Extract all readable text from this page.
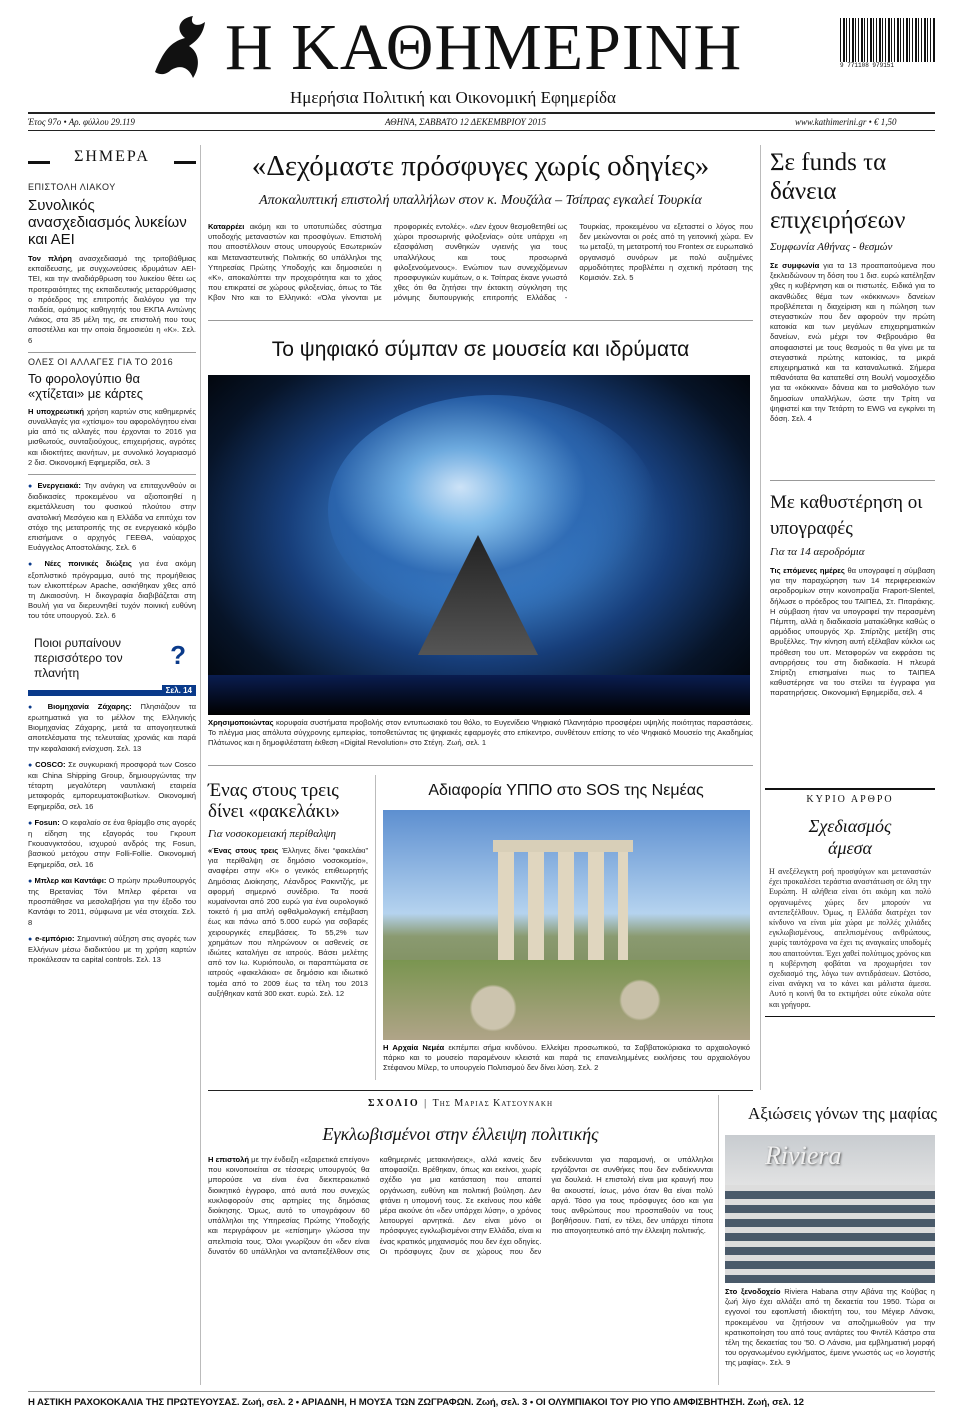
Η ΚΑΘΗΜΕΡΙΝΗ
Ημερήσια Πολιτική και Οικονομική Εφημερίδα
9 771108 979151
Έτος 97ο • Αρ. φύλλου 29.119	ΑΘΗΝΑ, ΣΑΒΒΑΤΟ 12 ΔΕΚΕΜΒΡΙΟΥ 2015	www.kathimerini.gr • € 1,50
ΣΗΜΕΡΑ
ΕΠΙΣΤΟΛΗ ΛΙΑΚΟΥ
Συνολικός ανασχεδιασμός λυκείων και ΑΕΙ

Τον πλήρη ανασχεδιασμό της τριτοβάθμιας εκπαίδευσης, με συγχωνεύσεις ιδρυμάτων ΑΕΙ-ΤΕΙ, και την αναδιάρθρωση του λυκείου θέτει ως προτεραιότητες της εκπαιδευτικής μεταρρύθμισης ο πρόεδρος της επιτροπής διαλόγου για την παιδεία, ομότιμος καθηγητής του ΕΚΠΑ Αντώνης Λιάκος, στα 35 μέλη της, σε επιστολή που τους αποστέλλει και την οποία δημοσιεύει η «Κ». Σελ. 6

ΟΛΕΣ ΟΙ ΑΛΛΑΓΕΣ ΓΙΑ ΤΟ 2016
Το φορολογύπιο θα «χτίζεται» με κάρτες

Η υποχρεωτική χρήση καρτών στις καθημερινές συναλλαγές για «χτίσιμο» του αφορολόγητου είναι μία από τις αλλαγές που έρχονται το 2016 για μισθωτούς, συνταξιούχους, επιχειρήσεις, αγρότες και ιδιοκτήτες ακινήτων, με συνολικό λογαριασμό 2 δισ. Οικονομική Εφημερίδα, σελ. 3

● Ενεργειακά: Την ανάγκη να επιταχυνθούν οι διαδικασίες προκειμένου να αξιοποιηθεί η εκμετάλλευση του φυσικού πλούτου στην ανατολική Μεσόγειο και η Ελλάδα να επιτύχει τον στόχο της μετατροπής της σε ενεργειακό κόμβο επισήμανε ο αρχηγός ΓΕΕΘΑ, ναύαρχος Ευάγγελος Αποστολάκης. Σελ. 6

● Νέες ποινικές διώξεις για ένα ακόμη εξοπλιστικό πρόγραμμα, αυτό της προμήθειας των ελικοπτέρων Apache, ασκήθηκαν χθες από τη Δικαιοσύνη. Η δικογραφία διαβιβάζεται στη Βουλή για να διερευνηθεί τυχόν ποινική ευθύνη του τότε υπουργού. Σελ. 6

Ποιοι ρυπαίνουν περισσότερο τον πλανήτη
?
Σελ. 14

● Βιομηχανία Ζάχαρης: Πλησιάζουν τα ερωτηματικά για το μέλλον της Ελληνικής Βιομηχανίας Ζάχαρης, μετά τα απογοητευτικά αποτελέσματα της τελευταίας χρονιάς και παρά την κεφαλαιακή ενίσχυση. Σελ. 13

● COSCO: Σε συγκυριακή προσφορά των Cosco και China Shipping Group, δημιουργώντας την τέταρτη μεγαλύτερη ναυτιλιακή εταιρεία μεταφοράς εμπορευματοκιβωτίων. Οικονομική Εφημερίδα, σελ. 16

● Fosun: Ο κεφαλαίο σε ένα θρίαμβο στις αγορές η είδηση της εξαγοράς του Γκρουπ Γκουανγκτσόου, ισχυρού ανδρός της Fosun, βασικού μετόχου στην Folli-Follie. Οικονομική Εφημερίδα, σελ. 16

● Μπλερ και Καντάφι: Ο πρώην πρωθυπουργός της Βρετανίας Τόνι Μπλερ φέρεται να προσπάθησε να μεσολαβήσει για την έξοδο του Καντάφι το 2011, σύμφωνα με νέα στοιχεία. Σελ. 8

● e-εμπόριο: Σημαντική αύξηση στις αγορές των Ελλήνων μέσω διαδικτύου με τη χρήση καρτών προκάλεσαν τα capital controls. Σελ. 13

«Δεχόμαστε πρόσφυγες χωρίς οδηγίες»
Αποκαλυπτική επιστολή υπαλλήλων στον κ. Μουζάλα – Τσίπρας εγκαλεί Τουρκία

Καταρρέει ακόμη και το υποτυπώδες σύστημα υποδοχής μεταναστών και προσφύγων. Επιστολή που αποστέλλουν στους υπουργούς Εσωτερικών και Μεταναστευτικής Πολιτικής 60 υπάλληλοι της Υπηρεσίας Πρώτης Υποδοχής και δημοσιεύει η «Κ», αποκαλύπτει την προχειρότητα και το χάος που επικρατεί σε χώρους φιλοξενίας, όπως το Τάε Κβον Ντο και το Ελληνικό: «Όλα γίνονται με προφορικές εντολές». «Δεν έχουν θεσμοθετηθεί ως χώροι προσωρινής φιλοξενίας» ούτε υπάρχει «η εξασφάλιση συνθηκών υγιεινής για τους υπαλλήλους και τους προσωρινά φιλοξενούμενους». Ενώπιον των συνεχιζόμενων προσφυγικών κυμάτων, ο κ. Τσίπρας έκανε γνωστό χθες ότι θα ζητήσει την έκτακτη σύγκληση της μόνιμης διυπουργικής επιτροπής Ελλάδας - Τουρκίας, προκειμένου να εξεταστεί ο λόγος που δεν μειώνονται οι ροές από τη γειτονική χώρα. Εν τω μεταξύ, τη μετατροπή του Frontex σε ευρωπαϊκό οργανισμό συνόρων με πολύ αυξημένες αρμοδιότητες προβλέπει η σχετική πρόταση της Κομισιόν. Σελ. 5

Το ψηφιακό σύμπαν σε μουσεία και ιδρύματα

Χρησιμοποιώντας κορυφαία συστήματα προβολής στον εντυπωσιακό του θόλο, το Ευγενίδειο Ψηφιακό Πλανητάριο προσφέρει υψηλής ποιότητας παραστάσεις. Το πλέγμα μιας απόλυτα σύγχρονης εμπειρίας, τοποθετώντας τις ψηφιακές εφαρμογές στο επίκεντρο, συνθέτουν επίσης το νέο Ψηφιακό Μουσείο της Ακαδημίας Πλάτωνος και η δημοφιλέστατη έκθεση «Digital Revolution» στο Στέγη. Ζωή, σελ. 1

Ένας στους τρεις δίνει «φακελάκι»
Για νοσοκομειακή περίθαλψη

«Ένας στους τρεις Έλληνες δίνει “φακελάκι” για περίθαλψη σε δημόσιο νοσοκομείο», αναφέρει στην «Κ» ο γενικός επιθεωρητής Δημόσιας Διοίκησης, Λέανδρος Ρακιντζής, με αφορμή σημερινό συνέδριο. Τα ποσά κυμαίνονται από 200 ευρώ για ένα ουρολογικό τοκετό ή μια απλή οφθαλμολογική επέμβαση έως και πάνω από 5.000 ευρώ για σοβαρές χειρουργικές επεμβάσεις. Το 55,2% των χρημάτων που πληρώνουν οι ασθενείς σε ιδιώτες καταλήγει σε ιατρούς. Βάσει μελέτης από τον Ιω. Κυριόπουλο, οι παραπτώματα σε ιατρούς «φακελάκια» σε δημόσιο και ιδιωτικό τομέα από το 2009 έως τα τέλη του 2013 αυξήθηκαν κατά 300 εκατ. ευρώ. Σελ. 12

Αδιαφορία ΥΠΠΟ στο SOS της Νεμέας

Η Αρχαία Νεμέα εκπέμπει σήμα κινδύνου. Ελλείψει προσωπικού, τα Σαββατοκύριακα το αρχαιολογικό πάρκο και το μουσείο παραμένουν κλειστά και παρά τις επανειλημμένες εκκλήσεις του αρχαιολόγου Στέφανου Μίλερ, το υπουργείο Πολιτισμού δεν δίνει λύση. Σελ. 2

ΣΧΟΛΙΟ | Της Μαριας Κατσουνακη
Εγκλωβισμένοι στην έλλειψη πολιτικής

Η επιστολή με την ένδειξη «εξαιρετικά επείγον» που κοινοποιείται σε τέσσερις υπουργούς θα μπορούσε να είναι ένα διεκπεραιωτικό διοικητικό έγγραφο, από αυτά που συνεχώς κυκλοφορούν στις αρτηρίες της δημόσιας διοίκησης. Όμως, αυτό το υπογράφουν 60 υπάλληλοι της Υπηρεσίας Πρώτης Υποδοχής και περιγράφουν με «επίσημη» γλώσσα την απελπισία τους. Όλοι γνωρίζουν ότι «δεν είναι δυνατόν 60 υπάλληλοι να ανταπεξέλθουν στις καθημερινές μετακινήσεις», αλλά κανείς δεν αποφασίζει. Βρέθηκαν, όπως και εκείνοι, χωρίς σχέδιο για μια κατάσταση που απαιτεί οργάνωση, ευθύνη και πολιτική βούληση. Δεν φτάνει η υπομονή τους. Σε εκείνους που κάθε μέρα ακούνε ότι «δεν υπάρχει λύση», ο χρόνος λειτουργεί αρνητικά. Δεν είναι μόνο οι πρόσφυγες εγκλωβισμένοι στην Ελλάδα, είναι κι ένας κρατικός μηχανισμός που δεν έχει οδηγίες. Οι πρόσφυγες ζουν σε χώρους που δεν ενδείκνυνται για παραμονή, οι υπάλληλοι εργάζονται σε συνθήκες που δεν ενδείκνυνται για δουλειά. Η επιστολή είναι μια κραυγή που θα ακουστεί, ίσως, μόνο όταν θα είναι πολύ αργά. Τόσο για τους πρόσφυγες όσο και για τους ανθρώπους που προσπαθούν να τους βοηθήσουν. Γιατί, εν τέλει, δεν υπάρχει τίποτα πιο απογοητευτικό από την έλλειψη πολιτικής.

Σε funds τα δάνεια επιχειρήσεων
Συμφωνία Αθήνας - θεσμών

Σε συμφωνία για τα 13 προαπαιτούμενα που ξεκλειδώνουν τη δόση του 1 δισ. ευρώ κατέληξαν χθες η κυβέρνηση και οι πιστωτές. Ειδικά για το ακανθώδες θέμα των «κόκκινων» δανείων προβλέπεται η διαχείριση και η πώληση των στεγαστικών που δεν αφορούν την πρώτη κατοικία και των μεγάλων επιχειρηματικών δανείων, ενώ μέχρι τον Φεβρουάριο θα αποφασιστεί με τους θεσμούς τι θα γίνει με τα στεγαστικά πρώτης κατοικίας, τα μικρά επιχειρηματικά και τα καταναλωτικά. Σήμερα πιθανότατα θα κατατεθεί στη Βουλή νομοσχέδιο για τα «κόκκινα» δάνεια και το μισθολόγιο των δημοσίων υπαλλήλων, ώστε την Τρίτη να ψηφιστεί και την Τετάρτη το EWG να εγκρίνει τη δόση. Σελ. 4

Με καθυστέρηση οι υπογραφές
Για τα 14 αεροδρόμια

Τις επόμενες ημέρες θα υπογραφεί η σύμβαση για την παραχώρηση των 14 περιφερειακών αεροδρομίων στην κοινοπραξία Fraport-Slentel, δήλωσε ο πρόεδρος του ΤΑΙΠΕΔ, Στ. Πιταράκης. Η σύμβαση ήταν να υπογραφεί την περασμένη Πέμπτη, αλλά η διαδικασία ματαιώθηκε καθώς ο αρμόδιος υπουργός Χρ. Σπίρτζης μετέβη στις Βρυξέλλες. Την κίνηση αυτή εξέλαβαν κύκλοι ως πρόθεση του υπ. Μεταφορών να εκφράσει τις αντιρρήσεις του στη διαδικασία. Η πλευρά Σπίρτζη επισημαίνει πως το ΤΑΙΠΕΑ καθυστέρησε να του στείλει τα έγγραφα για παρατηρήσεις. Οικονομική Εφημερίδα, σελ. 4

ΚΥΡΙΟ ΑΡΘΡΟ
Σχεδιασμός άμεσα

Η ανεξέλεγκτη ροή προσφύγων και μεταναστών έχει προκαλέσει τεράστια αναστάτωση σε όλη την Ευρώπη. Η αλήθεια είναι ότι ακόμη και πολύ οργανωμένες χώρες δεν μπορούν να αντεπεξέλθουν. Όμως, η Ελλάδα διατρέχει τον κίνδυνο να είναι μία χώρα με πολλές χιλιάδες εγκλωβισμένους, απελπισμένους ανθρώπους, χωρίς ταυτόχρονα να έχει τις αναγκαίες υποδομές που απαιτούνται. Έχει χαθεί πολύτιμος χρόνος και η κυβέρνηση φοβάται να προχωρήσει τον σχεδιασμό της, λόγω των αντιδράσεων. Ωστόσο, είναι ανάγκη να το κάνει και μάλιστα άμεσα. Αυτό η κοινή θα το εκτιμήσει ούτε εύκολα ούτε και γρήγορα.

Αξιώσεις γόνων της μαφίας
Riviera

Στο ξενοδοχείο Riviera Habana στην Αβάνα της Κούβας η ζωή λίγο έχει αλλάξει από τη δεκαετία του 1950. Τώρα οι εγγονοί του εφοπλιστή ιδιοκτήτη του, του Μέγιερ Λάνσκι, προκειμένου να ζητήσουν να αποζημιωθούν για την κρατικοποίηση του από τους αντάρτες του Φιντέλ Κάστρο στα τέλη της δεκαετίας του '50. Ο Λάνσκι, μια εμβληματική μορφή του οργανωμένου εγκλήματος, έμεινε γνωστός ως «ο λογιστής της μαφίας». Σελ. 9

Η ΑΣΤΙΚΗ ΡΑΧΟΚΟΚΑΛΙΑ ΤΗΣ ΠΡΩΤΕΥΟΥΣΑΣ. Ζωή, σελ. 2 • ΑΡΙΑΔΝΗ, Η ΜΟΥΣΑ ΤΩΝ ΖΩΓΡΑΦΩΝ. Ζωή, σελ. 3 • ΟΙ ΟΛΥΜΠΙΑΚΟΙ ΤΟΥ ΡΙΟ ΥΠΟ ΑΜΦΙΣΒΗΤΗΣΗ. Ζωή, σελ. 12
